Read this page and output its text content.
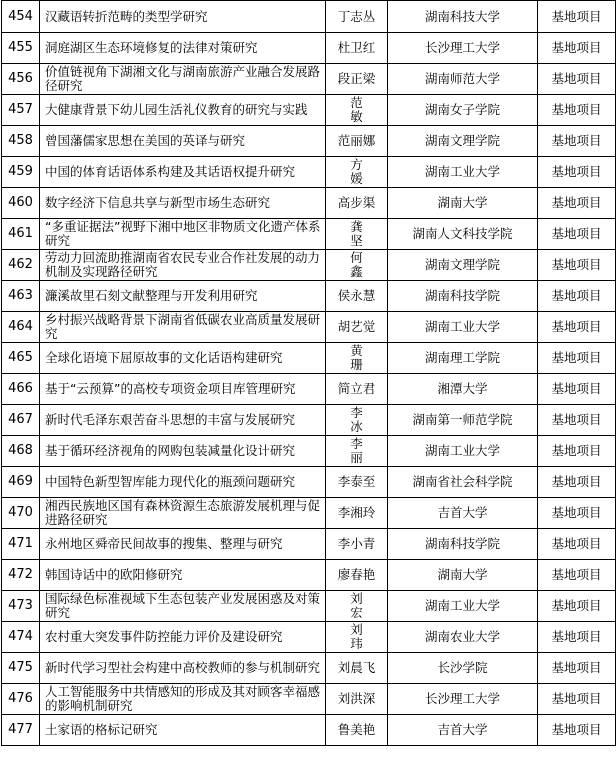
454	汉藏语转折范畴的类型学研究	丁志丛	湖南科技大学	基地项目
455	洞庭湖区生态环境修复的法律对策研究	杜卫红	长沙理工大学	基地项目
456	价值链视角下湖湘文化与湖南旅游产业融合发展路径研究	段正梁	湖南师范大学	基地项目
457	大健康背景下幼儿园生活礼仪教育的研究与实践	范敏	湖南女子学院	基地项目
458	曾国藩儒家思想在美国的英译与研究	范丽娜	湖南文理学院	基地项目
459	中国的体育话语体系构建及其话语权提升研究	方媛	湖南工业大学	基地项目
460	数字经济下信息共享与新型市场生态研究	高步渠	湖南大学	基地项目
461	“多重证据法”视野下湘中地区非物质文化遗产体系研究	龚坚	湖南人文科技学院	基地项目
462	劳动力回流助推湖南省农民专业合作社发展的动力机制及实现路径研究	何鑫	湖南文理学院	基地项目
463	濂溪故里石刻文献整理与开发利用研究	侯永慧	湖南科技学院	基地项目
464	乡村振兴战略背景下湖南省低碳农业高质量发展研究	胡艺觉	湖南工业大学	基地项目
465	全球化语境下屈原故事的文化话语构建研究	黄珊	湖南理工学院	基地项目
466	基于“云预算”的高校专项资金项目库管理研究	简立君	湘潭大学	基地项目
467	新时代毛泽东艰苦奋斗思想的丰富与发展研究	李冰	湖南第一师范学院	基地项目
468	基于循环经济视角的网购包装减量化设计研究	李丽	湖南工业大学	基地项目
469	中国特色新型智库能力现代化的瓶颈问题研究	李泰至	湖南省社会科学院	基地项目
470	湘西民族地区国有森林资源生态旅游发展机理与促进路径研究	李湘玲	吉首大学	基地项目
471	永州地区舜帝民间故事的搜集、整理与研究	李小青	湖南科技学院	基地项目
472	韩国诗话中的欧阳修研究	廖春艳	湖南大学	基地项目
473	国际绿色标准视域下生态包装产业发展困惑及对策研究	刘宏	湖南工业大学	基地项目
474	农村重大突发事件防控能力评价及建设研究	刘玮	湖南农业大学	基地项目
475	新时代学习型社会构建中高校教师的参与机制研究	刘晨飞	长沙学院	基地项目
476	人工智能服务中共情感知的形成及其对顾客幸福感的影响机制研究	刘洪深	长沙理工大学	基地项目
477	土家语的格标记研究	鲁美艳	吉首大学	基地项目
